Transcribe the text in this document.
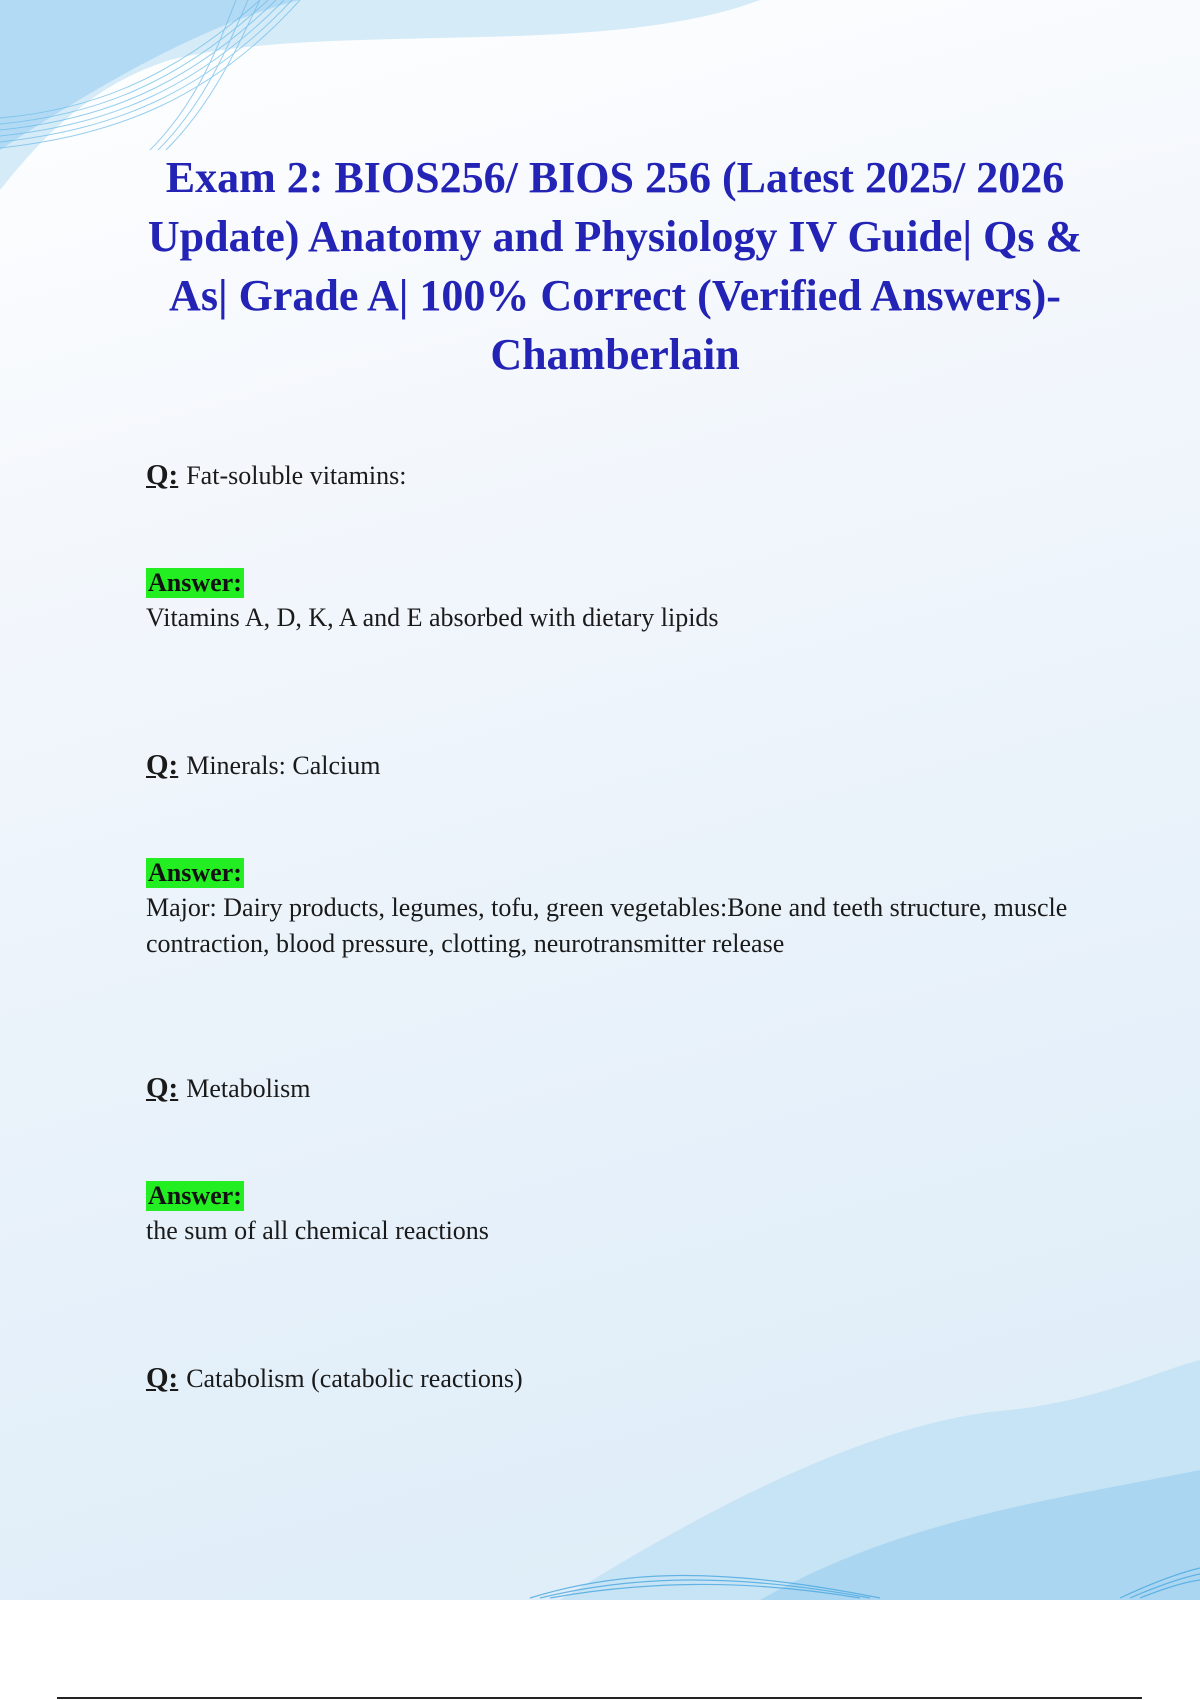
Exam 2: BIOS256/ BIOS 256 (Latest 2025/ 2026 Update) Anatomy and Physiology IV Guide| Qs & As| Grade A| 100% Correct (Verified Answers)- Chamberlain
Q: Fat-soluble vitamins:
Answer:
Vitamins A, D, K, A and E absorbed with dietary lipids
Q: Minerals: Calcium
Answer:
Major: Dairy products, legumes, tofu, green vegetables:Bone and teeth structure, muscle contraction, blood pressure, clotting, neurotransmitter release
Q: Metabolism
Answer:
the sum of all chemical reactions
Q: Catabolism (catabolic reactions)
